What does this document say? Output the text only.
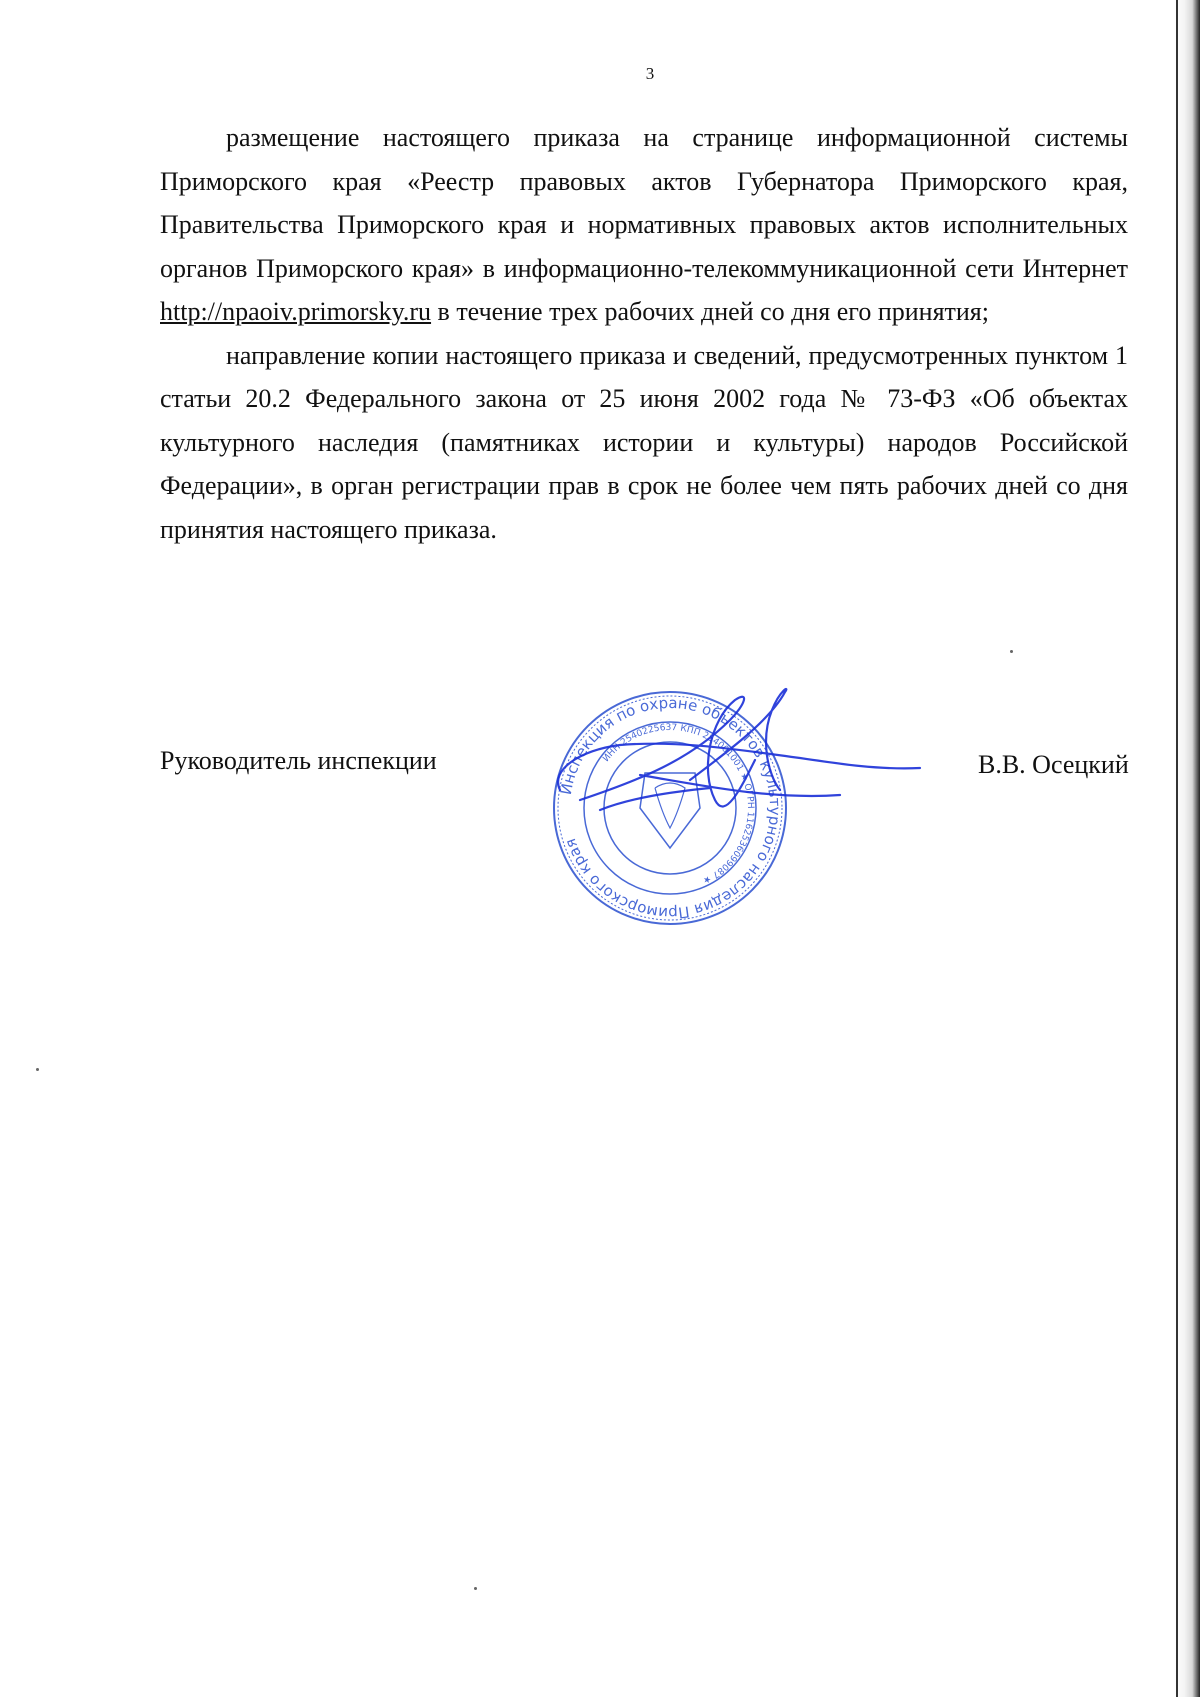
3

размещение настоящего приказа на странице информационной системы Приморского края «Реестр правовых актов Губернатора Приморского края, Правительства Приморского края и нормативных правовых актов исполнительных органов Приморского края» в информационно-телекоммуникационной сети Интернет http://npaoiv.primorsky.ru в течение трех рабочих дней со дня его принятия;

направление копии настоящего приказа и сведений, предусмотренных пунктом 1 статьи 20.2 Федерального закона от 25 июня 2002 года № 73-ФЗ «Об объектах культурного наследия (памятниках истории и культуры) народов Российской Федерации», в орган регистрации прав в срок не более чем пять рабочих дней со дня принятия настоящего приказа.

Руководитель инспекции	В.В. Осецкий
Инспекция по охране объектов культурного наследия Приморского края
ИНН 2540225637 КПП 254001001 ★ ОГРН 1162536099087 ★
